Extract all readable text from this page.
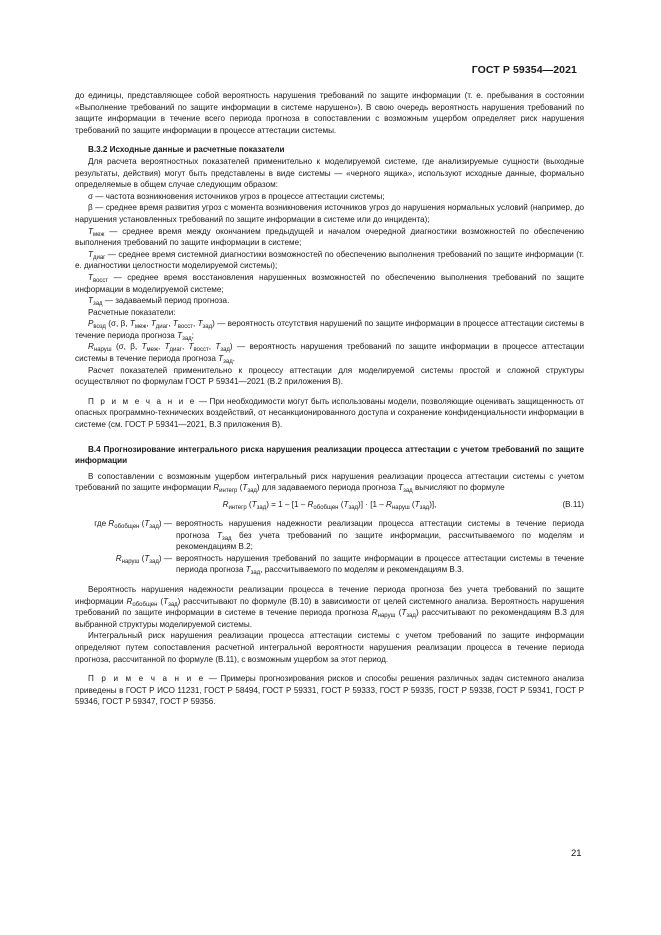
ГОСТ Р 59354—2021

до единицы, представляющее собой вероятность нарушения требований по защите информации (т. е. пребывания в состоянии «Выполнение требований по защите информации в системе нарушено»). В свою очередь вероятность нарушения требований по защите информации в течение всего периода прогноза в сопоставлении с возможным ущербом определяет риск нарушения требований по защите информации в процессе аттестации системы.

В.3.2 Исходные данные и расчетные показатели

Для расчета вероятностных показателей применительно к моделируемой системе, где анализируемые сущности (выходные результаты, действия) могут быть представлены в виде системы — «черного ящика», используют исходные данные, формально определяемые в общем случае следующим образом:

σ — частота возникновения источников угроз в процессе аттестации системы;

β — среднее время развития угроз с момента возникновения источников угроз до нарушения нормальных условий (например, до нарушения установленных требований по защите информации в системе или до инцидента);

$T_{меж}$ — среднее время между окончанием предыдущей и началом очередной диагностики возможностей по обеспечению выполнения требований по защите информации в системе;

$T_{диаг}$ — среднее время системной диагностики возможностей по обеспечению выполнения требований по защите информации (т. е. диагностики целостности моделируемой системы);

$T_{восст}$ — среднее время восстановления нарушенных возможностей по обеспечению выполнения требований по защите информации в моделируемой системе;

$T_{зад}$ — задаваемый период прогноза.

Расчетные показатели:

$P_{возд}$ (σ, β, $T_{меж}$, $T_{диаг}$, $T_{восст}$, $T_{зад}$) — вероятность отсутствия нарушений по защите информации в процессе аттестации системы в течение периода прогноза $T_{зад}$;

$R_{наруш}$ (σ, β, $T_{меж}$, $T_{диаг}$, $T_{восст}$, $T_{зад}$) — вероятность нарушения требований по защите информации в процессе аттестации системы в течение периода прогноза $T_{зад}$.

Расчет показателей применительно к процессу аттестации для моделируемой системы простой и сложной структуры осуществляют по формулам ГОСТ Р 59341—2021 (В.2 приложения В).

П р и м е ч а н и е — При необходимости могут быть использованы модели, позволяющие оценивать защищенность от опасных программно-технических воздействий, от несанкционированного доступа и сохранение конфиденциальности информации в системе (см. ГОСТ Р 59341—2021, В.3 приложения В).

В.4 Прогнозирование интегрального риска нарушения реализации процесса аттестации с учетом требований по защите информации

В сопоставлении с возможным ущербом интегральный риск нарушения реализации процесса аттестации системы с учетом требований по защите информации $R_{интегр}$ $(T_{зад})$ для задаваемого периода прогноза $T_{зад}$ вычисляют по формуле

$R_{интегр}$ $(T_{зад}) = 1 - [1 - R_{обобщен}$ $(T_{зад})] \cdot [1 - R_{наруш}$ $(T_{зад})$],	(В.11)
где $R_{обобщен}$ $(T_{зад})$ — вероятность нарушения надежности реализации процесса аттестации системы в течение периода прогноза $T_{зад}$ без учета требований по защите информации, рассчитываемого по моделям и рекомендациям В.2;
$R_{наруш}$ $(T_{зад})$ — вероятность нарушения требований по защите информации в процессе аттестации системы в течение периода прогноза $T_{зад}$, рассчитываемого по моделям и рекомендациям В.3.

Вероятность нарушения надежности реализации процесса в течение периода прогноза без учета требований по защите информации $R_{обобщен}$ $(T_{зад})$ рассчитывают по формуле (В.10) в зависимости от целей системного анализа. Вероятность нарушения требований по защите информации в системе в течение периода прогноза $R_{наруш}$ $(T_{зад})$ рассчитывают по рекомендациям В.3 для выбранной структуры моделируемой системы.

Интегральный риск нарушения реализации процесса аттестации системы с учетом требований по защите информации определяют путем сопоставления расчетной интегральной вероятности нарушения реализации процесса в течение периода прогноза, рассчитанной по формуле (В.11), с возможным ущербом за этот период.

П р и м е ч а н и е — Примеры прогнозирования рисков и способы решения различных задач системного анализа приведены в ГОСТ Р ИСО 11231, ГОСТ Р 58494, ГОСТ Р 59331, ГОСТ Р 59333, ГОСТ Р 59335, ГОСТ Р 59338, ГОСТ Р 59341, ГОСТ Р 59346, ГОСТ Р 59347, ГОСТ Р 59356.

21
